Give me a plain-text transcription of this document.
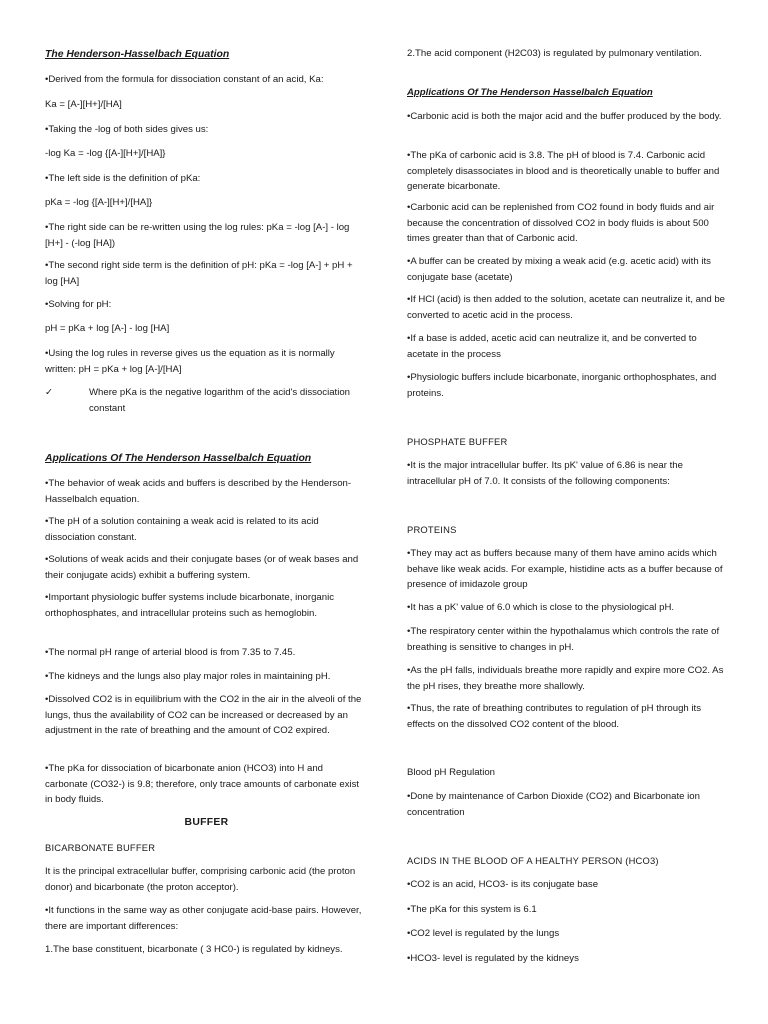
The Henderson-Hasselbach Equation

•Derived from the formula for dissociation constant of an acid, Ka:

Ka = [A-][H+]/[HA]

•Taking the -log of both sides gives us:

-log Ka = -log {[A-][H+]/[HA]}

•The left side is the definition of pKa:

pKa = -log {[A-][H+]/[HA]}

•The right side can be re-written using the log rules: pKa = -log [A-] - log [H+] - (-log [HA])

•The second right side term is the definition of pH: pKa = -log [A-] + pH + log [HA]

•Solving for pH:

pH = pKa + log [A-] - log [HA]

•Using the log rules in reverse gives us the equation as it is normally written: pH = pKa + log [A-]/[HA]

✓	Where pKa is the negative logarithm of the acid's dissociation constant

Applications Of The Henderson Hasselbalch Equation

•The behavior of weak acids and buffers is described by the Henderson-Hasselbalch equation.

•The pH of a solution containing a weak acid is related to its acid dissociation constant.

•Solutions of weak acids and their conjugate bases (or of weak bases and their conjugate acids) exhibit a buffering system.

•Important physiologic buffer systems include bicarbonate, inorganic orthophosphates, and intracellular proteins such as hemoglobin.

•The normal pH range of arterial blood is from 7.35 to 7.45.

•The kidneys and the lungs also play major roles in maintaining pH.

•Dissolved CO2 is in equilibrium with the CO2 in the air in the alveoli of the lungs, thus the availability of CO2 can be increased or decreased by an adjustment in the rate of breathing and the amount of CO2 expired.

•The pKa for dissociation of bicarbonate anion (HCO3) into H and carbonate (CO32-) is 9.8; therefore, only trace amounts of carbonate exist in body fluids.

BUFFER

BICARBONATE BUFFER

It is the principal extracellular buffer, comprising carbonic acid (the proton donor) and bicarbonate (the proton acceptor).

•It functions in the same way as other conjugate acid-base pairs. However, there are important differences:

1.The base constituent, bicarbonate ( 3 HC0-) is regulated by kidneys.

2.The acid component (H2C03) is regulated by pulmonary ventilation.

Applications Of The Henderson Hasselbalch Equation

•Carbonic acid is both the major acid and the buffer produced by the body.

•The pKa of carbonic acid is 3.8. The pH of blood is 7.4. Carbonic acid completely disassociates in blood and is theoretically unable to buffer and generate bicarbonate.

•Carbonic acid can be replenished from CO2 found in body fluids and air because the concentration of dissolved CO2 in body fluids is about 500 times greater than that of Carbonic acid.

•A buffer can be created by mixing a weak acid (e.g. acetic acid) with its conjugate base (acetate)

•If HCl (acid) is then added to the solution, acetate can neutralize it, and be converted to acetic acid in the process.

•If a base is added, acetic acid can neutralize it, and be converted to acetate in the process

•Physiologic buffers include bicarbonate, inorganic orthophosphates, and proteins.

PHOSPHATE BUFFER

•It is the major intracellular buffer. Its pK' value of 6.86 is near the intracellular pH of 7.0. It consists of the following components:

PROTEINS

•They may act as buffers because many of them have amino acids which behave like weak acids. For example, histidine acts as a buffer because of presence of imidazole group

•It has a pK' value of 6.0 which is close to the physiological pH.

•The respiratory center within the hypothalamus which controls the rate of breathing is sensitive to changes in pH.

•As the pH falls, individuals breathe more rapidly and expire more CO2. As the pH rises, they breathe more shallowly.

•Thus, the rate of breathing contributes to regulation of pH through its effects on the dissolved CO2 content of the blood.

Blood pH Regulation

•Done by maintenance of Carbon Dioxide (CO2) and Bicarbonate ion concentration

ACIDS IN THE BLOOD OF A HEALTHY PERSON (HCO3)

•CO2 is an acid, HCO3- is its conjugate base

•The pKa for this system is 6.1

•CO2 level is regulated by the lungs

•HCO3- level is regulated by the kidneys
